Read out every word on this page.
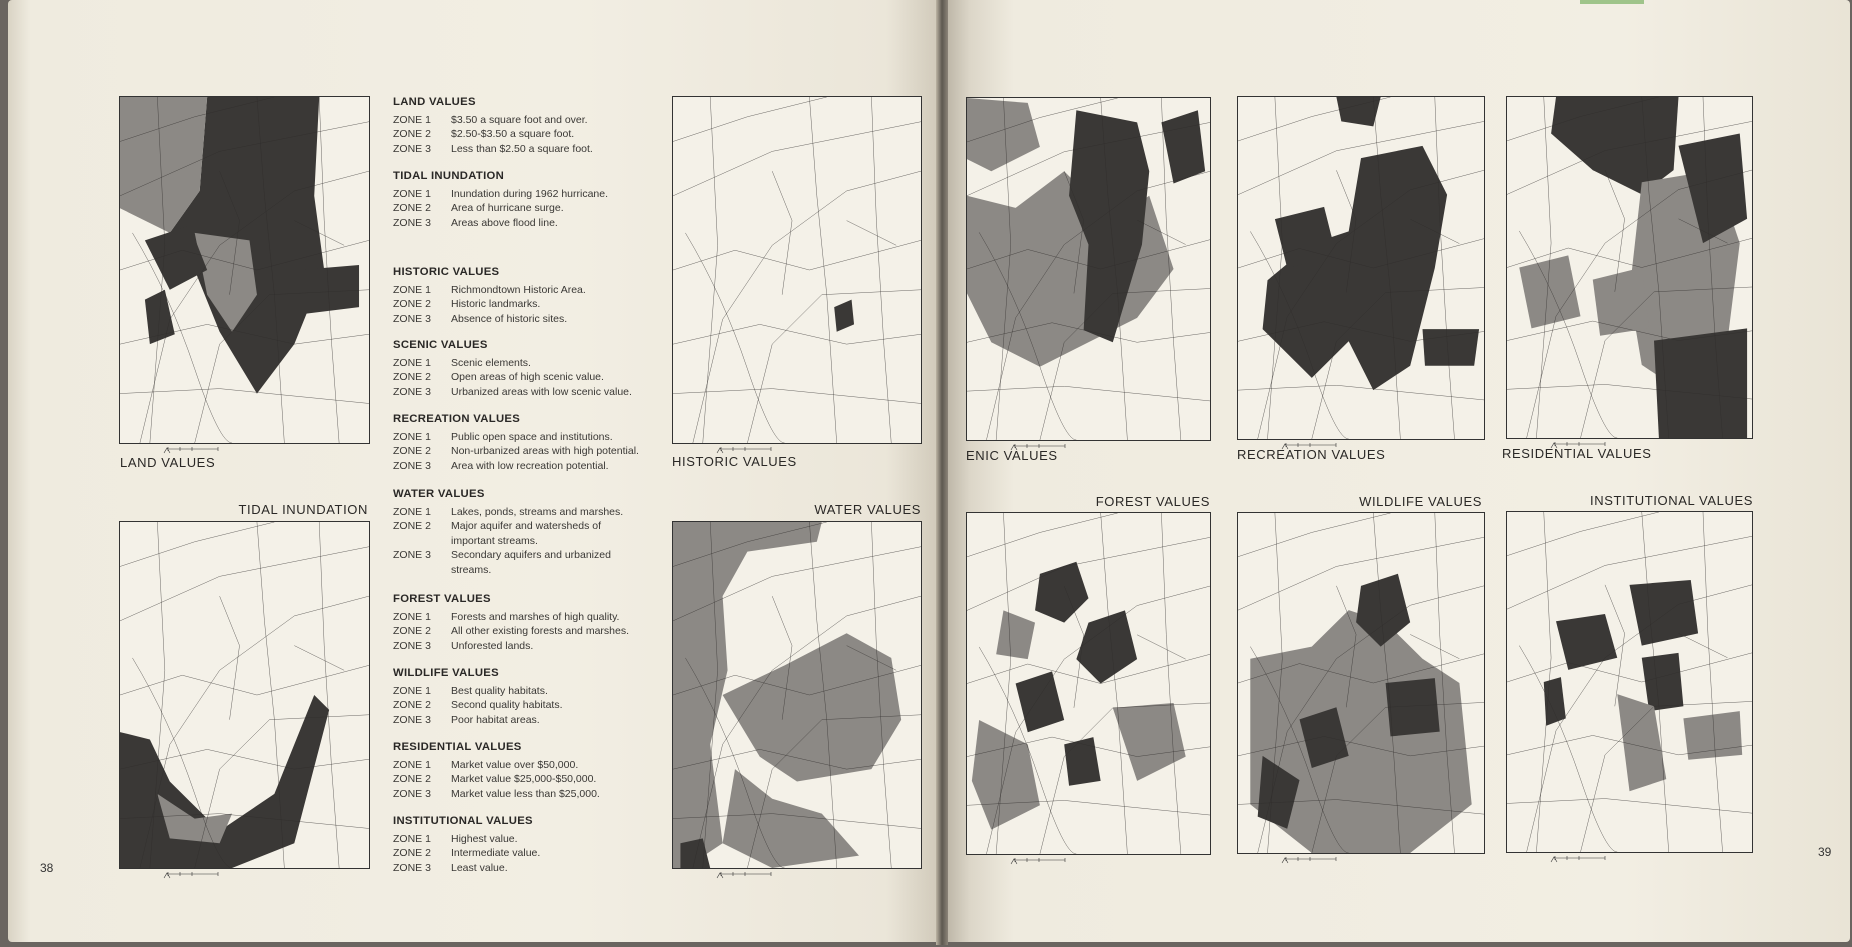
LAND VALUES	HISTORIC VALUES
TIDAL INUNDATION	WATER VALUES
LAND VALUES
ZONE 1	$3.50 a square foot and over.
ZONE 2	$2.50-$3.50 a square foot.
ZONE 3	Less than $2.50 a square foot.
TIDAL INUNDATION
ZONE 1	Inundation during 1962 hurricane.
ZONE 2	Area of hurricane surge.
ZONE 3	Areas above flood line.
HISTORIC VALUES
ZONE 1	Richmondtown Historic Area.
ZONE 2	Historic landmarks.
ZONE 3	Absence of historic sites.
SCENIC VALUES
ZONE 1	Scenic elements.
ZONE 2	Open areas of high scenic value.
ZONE 3	Urbanized areas with low scenic value.
RECREATION VALUES
ZONE 1	Public open space and institutions.
ZONE 2	Non-urbanized areas with high potential.
ZONE 3	Area with low recreation potential.
WATER VALUES
ZONE 1	Lakes, ponds, streams and marshes.
ZONE 2	Major aquifer and watersheds of important streams.
ZONE 3	Secondary aquifers and urbanized streams.
FOREST VALUES
ZONE 1	Forests and marshes of high quality.
ZONE 2	All other existing forests and marshes.
ZONE 3	Unforested lands.
WILDLIFE VALUES
ZONE 1	Best quality habitats.
ZONE 2	Second quality habitats.
ZONE 3	Poor habitat areas.
RESIDENTIAL VALUES
ZONE 1	Market value over $50,000.
ZONE 2	Market value $25,000-$50,000.
ZONE 3	Market value less than $25,000.
INSTITUTIONAL VALUES
ZONE 1	Highest value.
ZONE 2	Intermediate value.
ZONE 3	Least value.
38
ENIC VALUES	RECREATION VALUES	RESIDENTIAL VALUES
FOREST VALUES	WILDLIFE VALUES	INSTITUTIONAL VALUES
39
